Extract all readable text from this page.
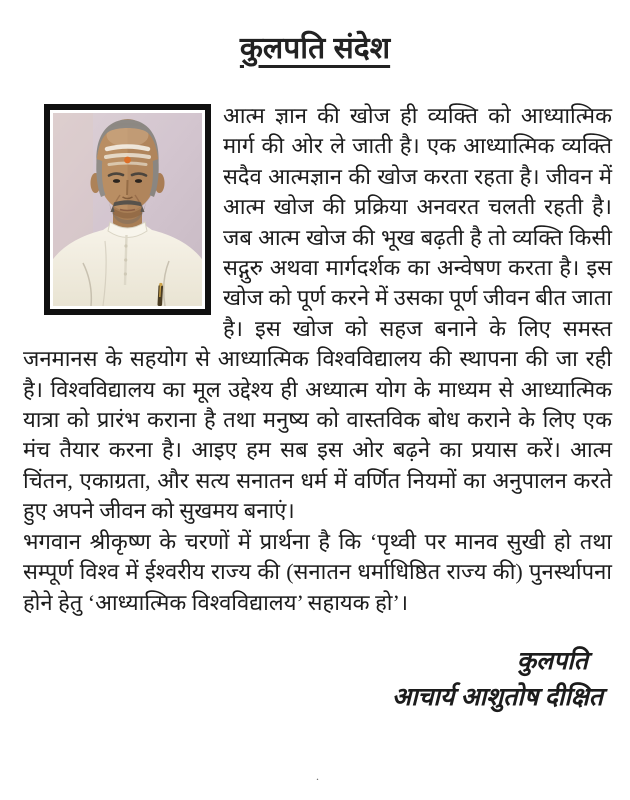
कुलपति संदेश

आत्म ज्ञान की खोज ही व्यक्ति को आध्यात्मिक मार्ग की ओर ले जाती है। एक आध्यात्मिक व्यक्ति सदैव आत्मज्ञान की खोज करता रहता है। जीवन में आत्म खोज की प्रक्रिया अनवरत चलती रहती है। जब आत्म खोज की भूख बढ़ती है तो व्यक्ति किसी सद्गुरु अथवा मार्गदर्शक का अन्वेषण करता है। इस खोज को पूर्ण करने में उसका पूर्ण जीवन बीत जाता है। इस खोज को सहज बनाने के लिए समस्त जनमानस के सहयोग से आध्यात्मिक विश्वविद्यालय की स्थापना की जा रही है। विश्वविद्यालय का मूल उद्देश्य ही अध्यात्म योग के माध्यम से आध्यात्मिक यात्रा को प्रारंभ कराना है तथा मनुष्य को वास्तविक बोध कराने के लिए एक मंच तैयार करना है। आइए हम सब इस ओर बढ़ने का प्रयास करें। आत्म चिंतन, एकाग्रता, और सत्य सनातन धर्म में वर्णित नियमों का अनुपालन करते हुए अपने जीवन को सुखमय बनाएं।

भगवान श्रीकृष्ण के चरणों में प्रार्थना है कि ‘पृथ्वी पर मानव सुखी हो तथा सम्पूर्ण विश्व में ईश्वरीय राज्य की (सनातन धर्माधिष्ठित राज्य की) पुनर्स्थापना होने हेतु ‘आध्यात्मिक विश्वविद्यालय’ सहायक हो’।

कुलपति
आचार्य आशुतोष दीक्षित
.
